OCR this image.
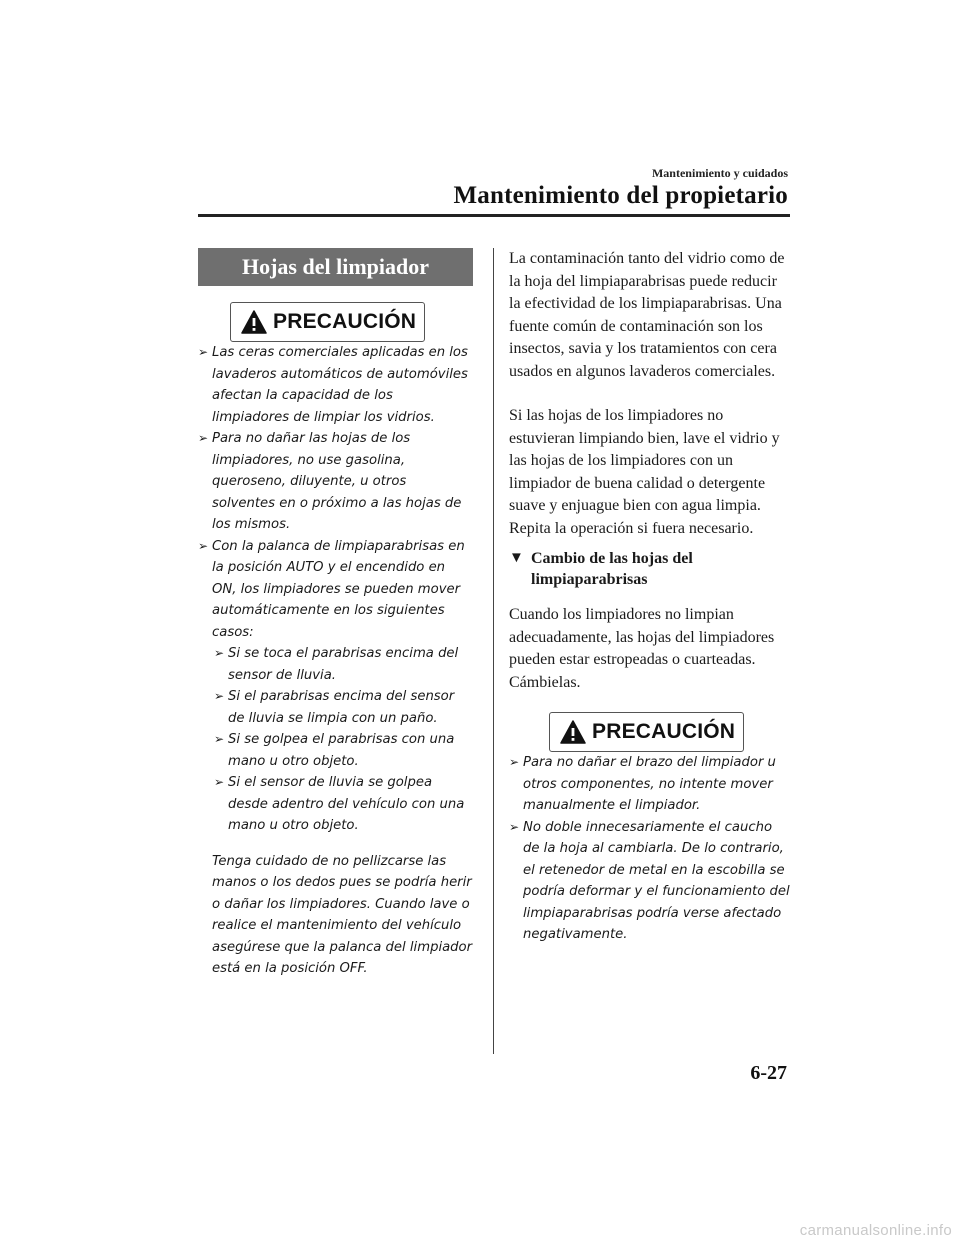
Mantenimiento y cuidados
Mantenimiento del propietario
Hojas del limpiador
PRECAUCIÓN
➢ Las ceras comerciales aplicadas en los lavaderos automáticos de automóviles afectan la capacidad de los limpiadores de limpiar los vidrios.
➢ Para no dañar las hojas de los limpiadores, no use gasolina, queroseno, diluyente, u otros solventes en o próximo a las hojas de los mismos.
➢ Con la palanca de limpiaparabrisas en la posición AUTO y el encendido en ON, los limpiadores se pueden mover automáticamente en los siguientes casos:
➢ Si se toca el parabrisas encima del sensor de lluvia.
➢ Si el parabrisas encima del sensor de lluvia se limpia con un paño.
➢ Si se golpea el parabrisas con una mano u otro objeto.
➢ Si el sensor de lluvia se golpea desde adentro del vehículo con una mano u otro objeto.
Tenga cuidado de no pellizcarse las manos o los dedos pues se podría herir o dañar los limpiadores. Cuando lave o realice el mantenimiento del vehículo asegúrese que la palanca del limpiador está en la posición OFF.
La contaminación tanto del vidrio como de la hoja del limpiaparabrisas puede reducir la efectividad de los limpiaparabrisas. Una fuente común de contaminación son los insectos, savia y los tratamientos con cera usados en algunos lavaderos comerciales.
Si las hojas de los limpiadores no estuvieran limpiando bien, lave el vidrio y las hojas de los limpiadores con un limpiador de buena calidad o detergente suave y enjuague bien con agua limpia. Repita la operación si fuera necesario.
▼ Cambio de las hojas del limpiaparabrisas
Cuando los limpiadores no limpian adecuadamente, las hojas del limpiadores pueden estar estropeadas o cuarteadas. Cámbielas.
PRECAUCIÓN
➢ Para no dañar el brazo del limpiador u otros componentes, no intente mover manualmente el limpiador.
➢ No doble innecesariamente el caucho de la hoja al cambiarla. De lo contrario, el retenedor de metal en la escobilla se podría deformar y el funcionamiento del limpiaparabrisas podría verse afectado negativamente.
6-27
carmanualsonline.info
